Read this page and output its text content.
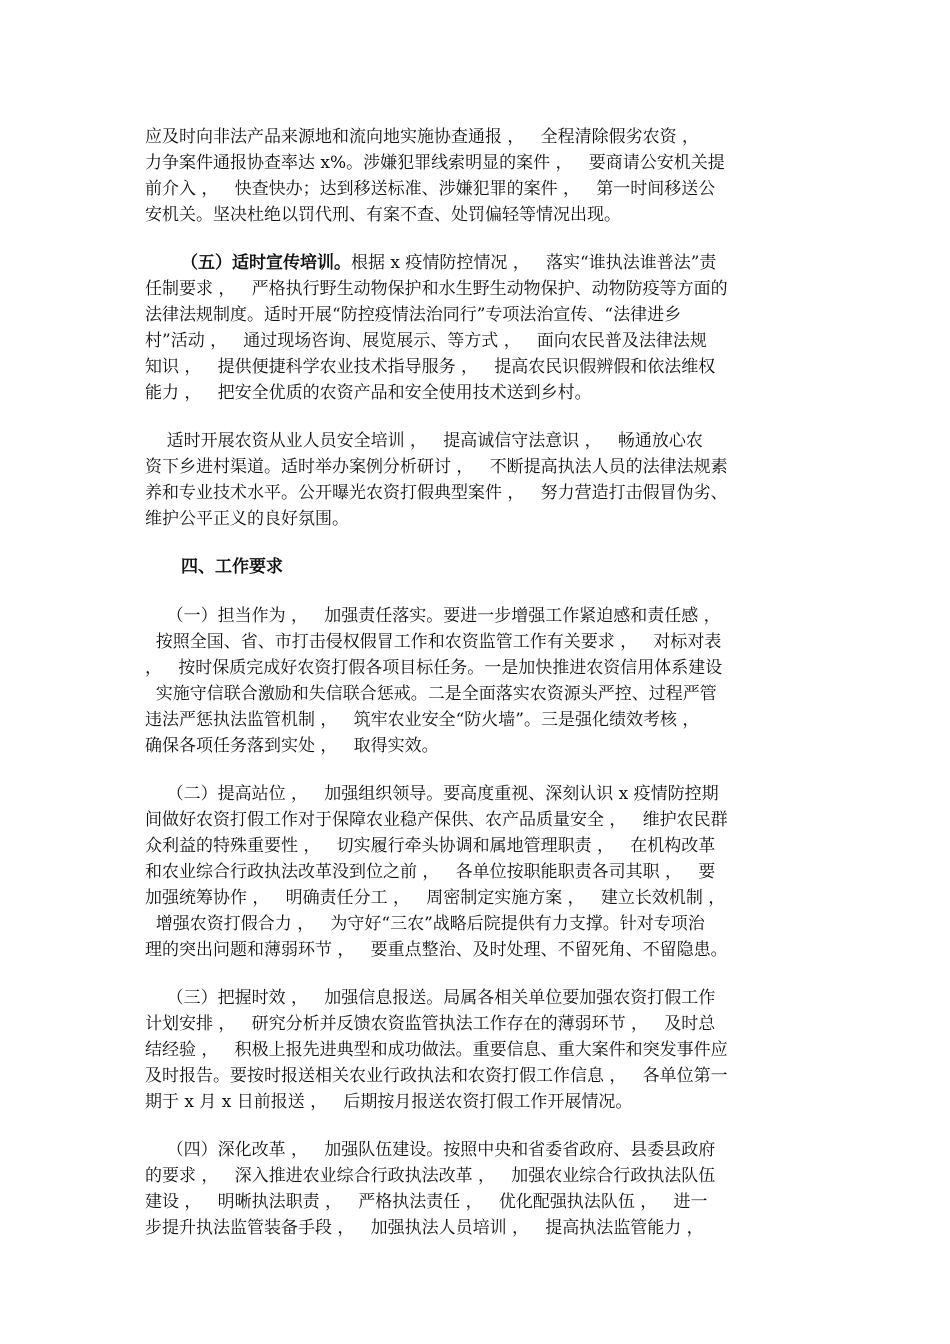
应及时向非法产品来源地和流向地实施协查通报 ，   全程清除假劣农资 ，
力争案件通报协查率达 x%。涉嫌犯罪线索明显的案件 ，   要商请公安机关提
前介入 ，   快查快办；达到移送标准、涉嫌犯罪的案件 ，   第一时间移送公
安机关。坚决杜绝以罚代刑、有案不查、处罚偏轻等情况出现。
（五）适时宣传培训。根据 x 疫情防控情况 ，   落实“谁执法谁普法”责
任制要求 ，   严格执行野生动物保护和水生野生动物保护、动物防疫等方面的
法律法规制度。适时开展“防控疫情法治同行”专项法治宣传、“法律进乡
村”活动 ，   通过现场咨询、展览展示、等方式 ，   面向农民普及法律法规
知识 ，   提供便捷科学农业技术指导服务 ，   提高农民识假辨假和依法维权
能力 ，   把安全优质的农资产品和安全使用技术送到乡村。
适时开展农资从业人员安全培训 ，   提高诚信守法意识 ，   畅通放心农
资下乡进村渠道。适时举办案例分析研讨 ，   不断提高执法人员的法律法规素
养和专业技术水平。公开曝光农资打假典型案件 ，   努力营造打击假冒伪劣、
维护公平正义的良好氛围。
四、工作要求
（一）担当作为 ，   加强责任落实。要进一步增强工作紧迫感和责任感 ，
按照全国、省、市打击侵权假冒工作和农资监管工作有关要求 ，   对标对表
，   按时保质完成好农资打假各项目标任务。一是加快推进农资信用体系建设
实施守信联合激励和失信联合惩戒。二是全面落实农资源头严控、过程严管
违法严惩执法监管机制 ，   筑牢农业安全“防火墙”。三是强化绩效考核 ，
确保各项任务落到实处 ，   取得实效。
（二）提高站位 ，   加强组织领导。要高度重视、深刻认识 x 疫情防控期
间做好农资打假工作对于保障农业稳产保供、农产品质量安全 ，   维护农民群
众利益的特殊重要性 ，   切实履行牵头协调和属地管理职责 ，   在机构改革
和农业综合行政执法改革没到位之前 ，   各单位按职能职责各司其职 ，   要
加强统筹协作 ，   明确责任分工 ，   周密制定实施方案 ，   建立长效机制 ，
增强农资打假合力 ，   为守好“三农”战略后院提供有力支撑。针对专项治
理的突出问题和薄弱环节 ，   要重点整治、及时处理、不留死角、不留隐患。
（三）把握时效 ，   加强信息报送。局属各相关单位要加强农资打假工作
计划安排 ，   研究分析并反馈农资监管执法工作存在的薄弱环节 ，   及时总
结经验 ，   积极上报先进典型和成功做法。重要信息、重大案件和突发事件应
及时报告。要按时报送相关农业行政执法和农资打假工作信息 ，   各单位第一
期于 x 月 x 日前报送 ，   后期按月报送农资打假工作开展情况。
（四）深化改革 ，   加强队伍建设。按照中央和省委省政府、县委县政府
的要求 ，   深入推进农业综合行政执法改革 ，   加强农业综合行政执法队伍
建设 ，   明晰执法职责 ，   严格执法责任 ，   优化配强执法队伍 ，   进一
步提升执法监管装备手段 ，   加强执法人员培训 ，   提高执法监管能力 ，
